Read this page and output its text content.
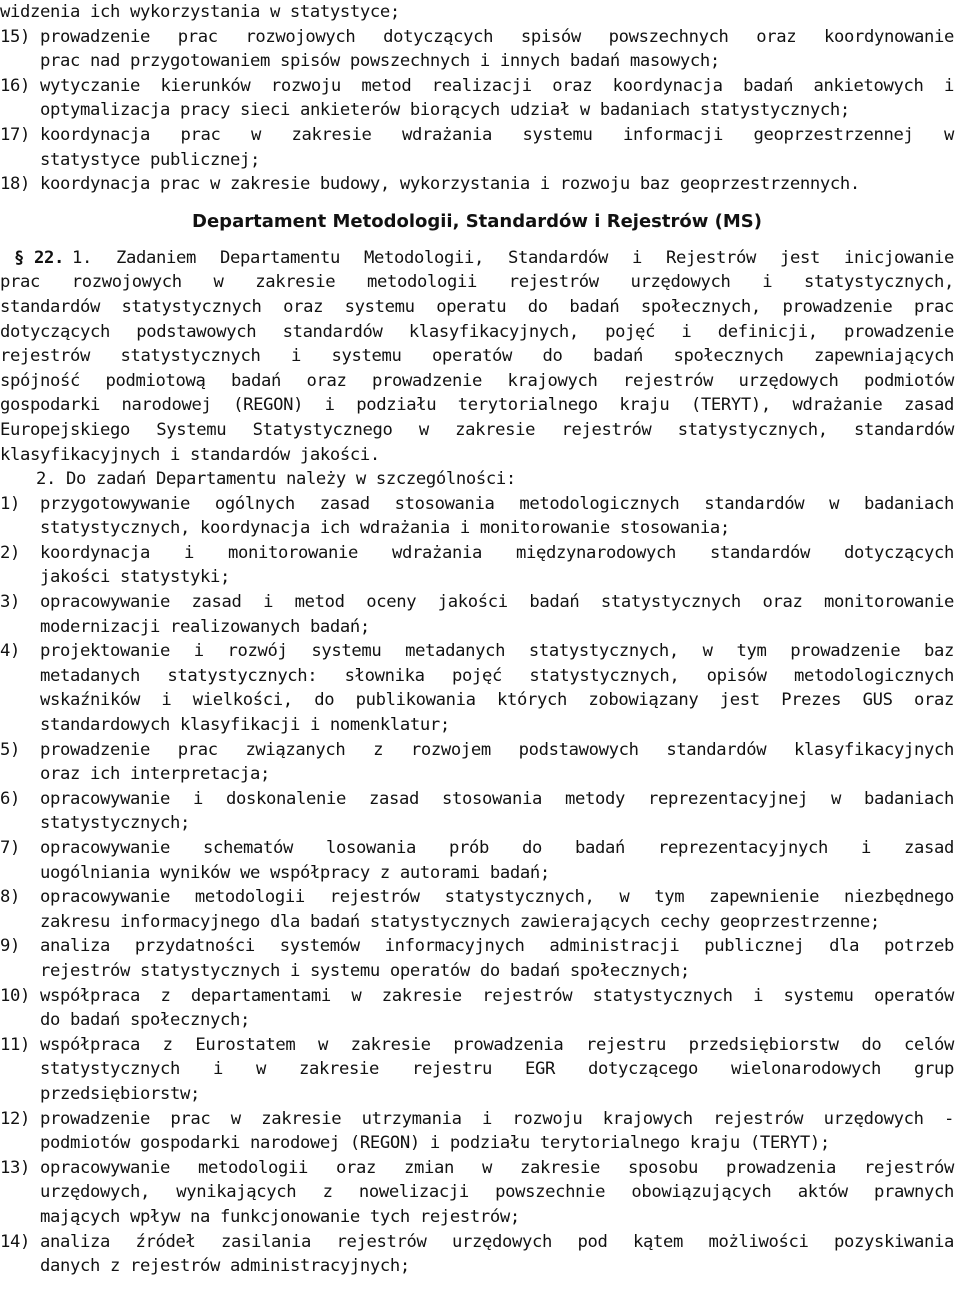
widzenia ich wykorzystania w statystyce;
15) prowadzenie prac rozwojowych dotyczących spisów powszechnych oraz koordynowanie
prac nad przygotowaniem spisów powszechnych i innych badań masowych;
16) wytyczanie kierunków rozwoju metod realizacji oraz koordynacja badań ankietowych i
optymalizacja pracy sieci ankieterów biorących udział w badaniach statystycznych;
17) koordynacja prac w zakresie wdrażania systemu informacji geoprzestrzennej w
statystyce publicznej;
18) koordynacja prac w zakresie budowy, wykorzystania i rozwoju baz geoprzestrzennych.
Departament Metodologii, Standardów i Rejestrów (MS)
§ 22. 1. Zadaniem Departamentu Metodologii, Standardów i Rejestrów jest inicjowanie
prac rozwojowych w zakresie metodologii rejestrów urzędowych i statystycznych,
standardów statystycznych oraz systemu operatu do badań społecznych, prowadzenie prac
dotyczących podstawowych standardów klasyfikacyjnych, pojęć i definicji, prowadzenie
rejestrów statystycznych i systemu operatów do badań społecznych zapewniających
spójność podmiotową badań oraz prowadzenie krajowych rejestrów urzędowych podmiotów
gospodarki narodowej (REGON) i podziału terytorialnego kraju (TERYT), wdrażanie zasad
Europejskiego Systemu Statystycznego w zakresie rejestrów statystycznych, standardów
klasyfikacyjnych i standardów jakości.
2. Do zadań Departamentu należy w szczególności:
1)	przygotowywanie ogólnych zasad stosowania metodologicznych standardów w badaniach
statystycznych, koordynacja ich wdrażania i monitorowanie stosowania;
2)	koordynacja i monitorowanie wdrażania międzynarodowych standardów dotyczących
jakości statystyki;
3)	opracowywanie zasad i metod oceny jakości badań statystycznych oraz monitorowanie
modernizacji realizowanych badań;
4)	projektowanie i rozwój systemu metadanych statystycznych, w tym prowadzenie baz
metadanych statystycznych: słownika pojęć statystycznych, opisów metodologicznych
wskaźników i wielkości, do publikowania których zobowiązany jest Prezes GUS oraz
standardowych klasyfikacji i nomenklatur;
5)	prowadzenie prac związanych z rozwojem podstawowych standardów klasyfikacyjnych
oraz ich interpretacja;
6)	opracowywanie i doskonalenie zasad stosowania metody reprezentacyjnej w badaniach
statystycznych;
7)	opracowywanie schematów losowania prób do badań reprezentacyjnych i zasad
uogólniania wyników we współpracy z autorami badań;
8)	opracowywanie metodologii rejestrów statystycznych, w tym zapewnienie niezbędnego
zakresu informacyjnego dla badań statystycznych zawierających cechy geoprzestrzenne;
9)	analiza przydatności systemów informacyjnych administracji publicznej dla potrzeb
rejestrów statystycznych i systemu operatów do badań społecznych;
10) współpraca z departamentami w zakresie rejestrów statystycznych i systemu operatów
do badań społecznych;
11) współpraca z Eurostatem w zakresie prowadzenia rejestru przedsiębiorstw do celów
statystycznych i w zakresie rejestru EGR dotyczącego wielonarodowych grup
przedsiębiorstw;
12) prowadzenie prac w zakresie utrzymania i rozwoju krajowych rejestrów urzędowych -
podmiotów gospodarki narodowej (REGON) i podziału terytorialnego kraju (TERYT);
13) opracowywanie metodologii oraz zmian w zakresie sposobu prowadzenia rejestrów
urzędowych, wynikających z nowelizacji powszechnie obowiązujących aktów prawnych
mających wpływ na funkcjonowanie tych rejestrów;
14) analiza źródeł zasilania rejestrów urzędowych pod kątem możliwości pozyskiwania
danych z rejestrów administracyjnych;
